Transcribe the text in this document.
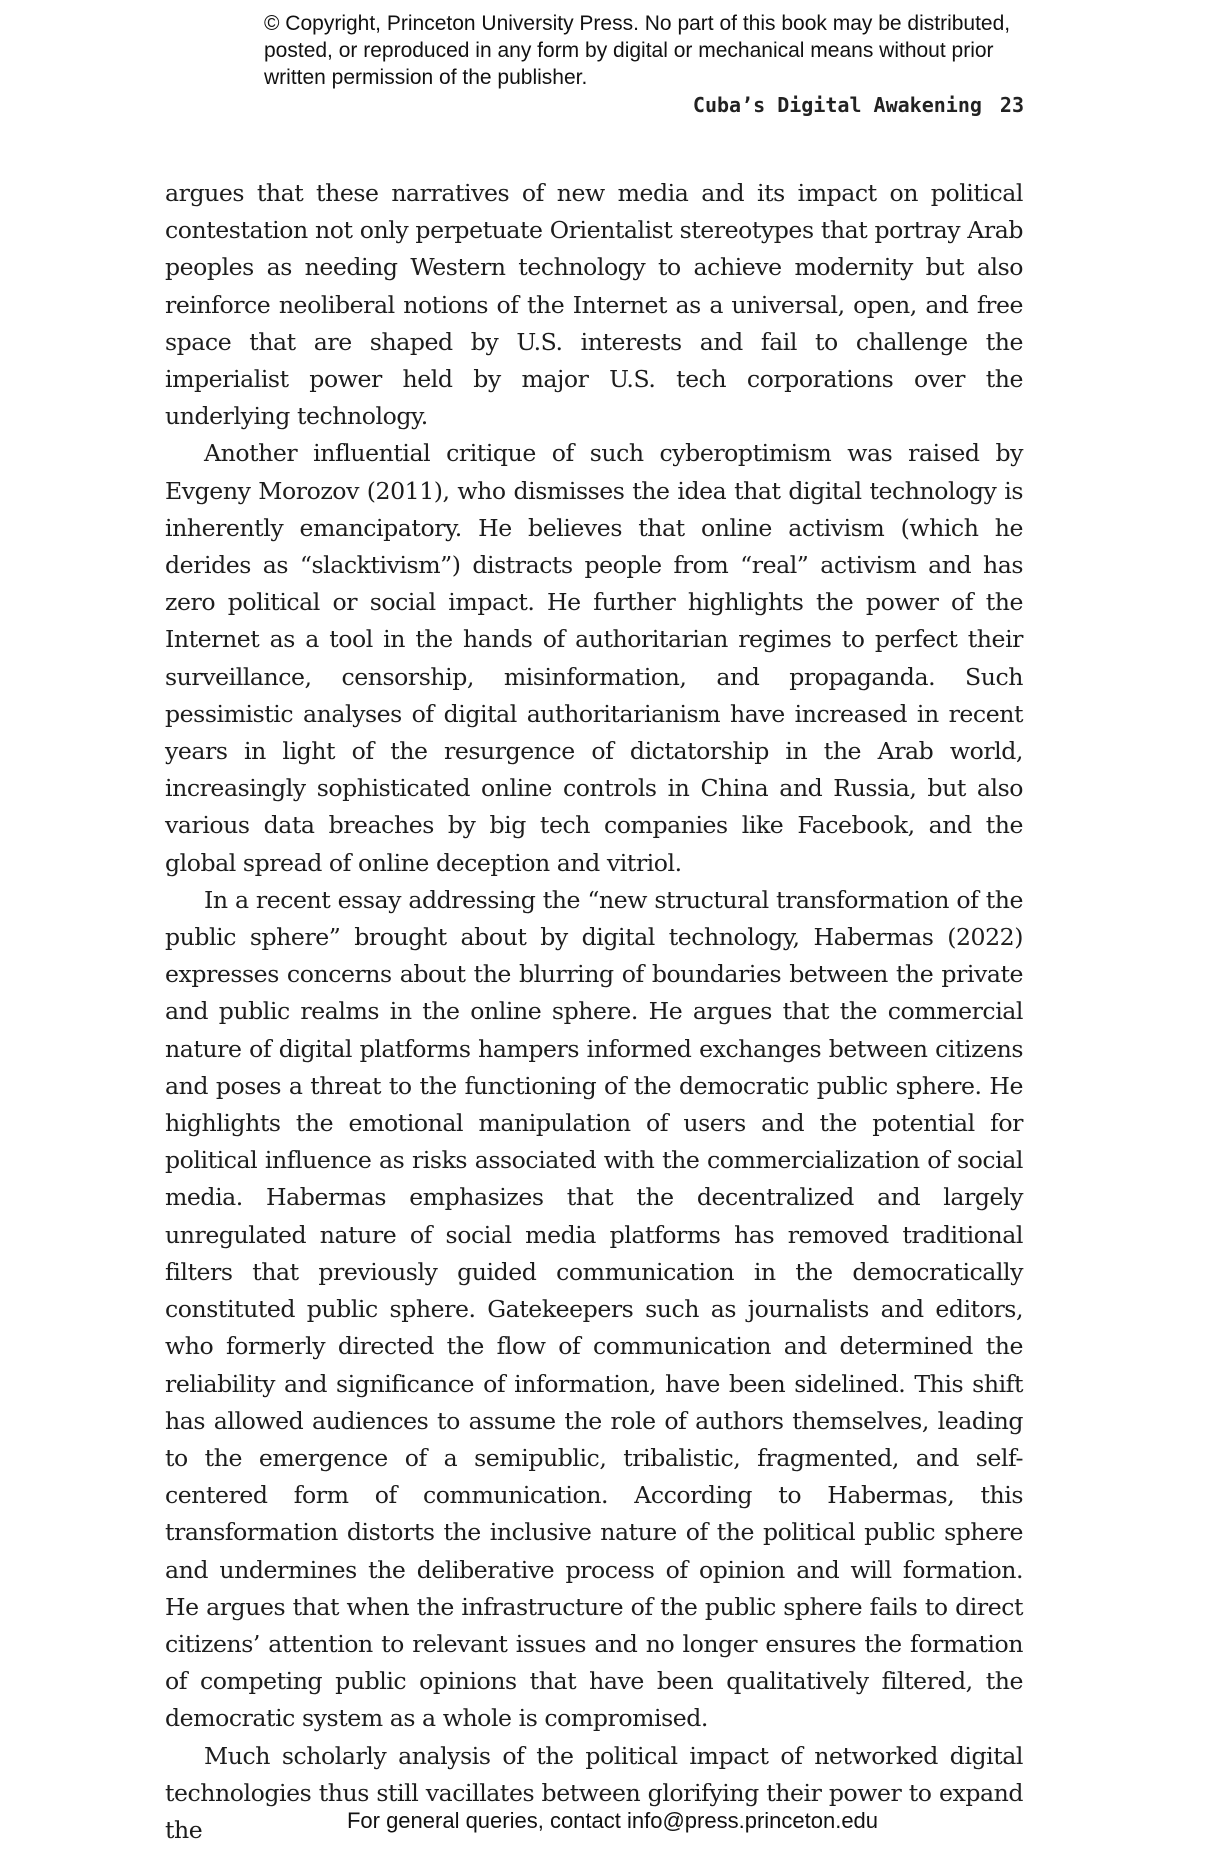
© Copyright, Princeton University Press. No part of this book may be distributed, posted, or reproduced in any form by digital or mechanical means without prior written permission of the publisher.
Cuba’s Digital Awakening 23

argues that these narratives of new media and its impact on political contestation not only perpetuate Orientalist stereotypes that portray Arab peoples as needing Western technology to achieve modernity but also reinforce neoliberal notions of the Internet as a universal, open, and free space that are shaped by U.S. interests and fail to challenge the imperialist power held by major U.S. tech corporations over the underlying technology.

Another influential critique of such cyberoptimism was raised by Evgeny Morozov (2011), who dismisses the idea that digital technology is inherently emancipatory. He believes that online activism (which he derides as “slacktivism”) distracts people from “real” activism and has zero political or social impact. He further highlights the power of the Internet as a tool in the hands of authoritarian regimes to perfect their surveillance, censorship, misinformation, and propaganda. Such pessimistic analyses of digital authoritarianism have increased in recent years in light of the resurgence of dictatorship in the Arab world, increasingly sophisticated online controls in China and Russia, but also various data breaches by big tech companies like Facebook, and the global spread of online deception and vitriol.

In a recent essay addressing the “new structural transformation of the public sphere” brought about by digital technology, Habermas (2022) expresses concerns about the blurring of boundaries between the private and public realms in the online sphere. He argues that the commercial nature of digital platforms hampers informed exchanges between citizens and poses a threat to the functioning of the democratic public sphere. He highlights the emotional manipulation of users and the potential for political influence as risks associated with the commercialization of social media. Habermas emphasizes that the decentralized and largely unregulated nature of social media platforms has removed traditional filters that previously guided communication in the democratically constituted public sphere. Gatekeepers such as journalists and editors, who formerly directed the flow of communication and determined the reliability and significance of information, have been sidelined. This shift has allowed audiences to assume the role of authors themselves, leading to the emergence of a semipublic, tribalistic, fragmented, and self-centered form of communication. According to Habermas, this transformation distorts the inclusive nature of the political public sphere and undermines the deliberative process of opinion and will formation. He argues that when the infrastructure of the public sphere fails to direct citizens’ attention to relevant issues and no longer ensures the formation of competing public opinions that have been qualitatively filtered, the democratic system as a whole is compromised.

Much scholarly analysis of the political impact of networked digital technologies thus still vacillates between glorifying their power to expand the	For general queries, contact info@press.princeton.edu
